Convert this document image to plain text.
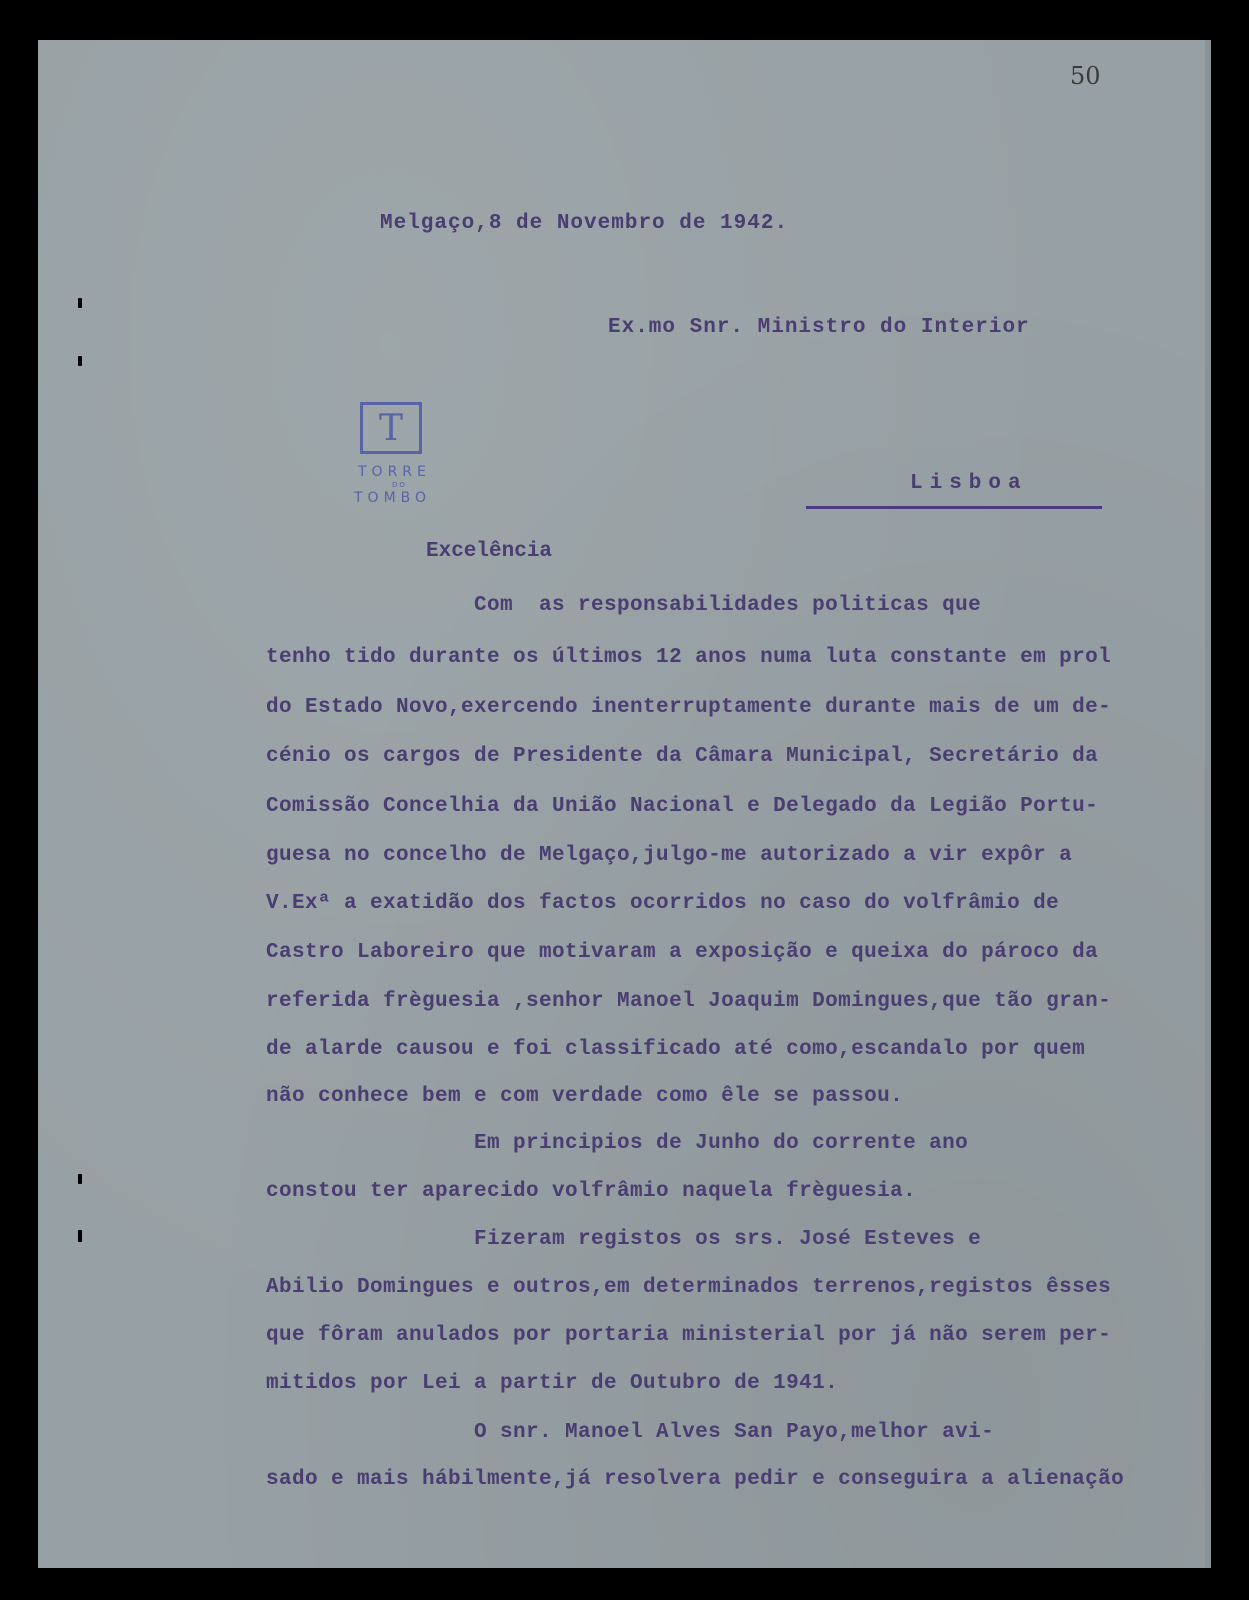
50
Melgaço,8 de Novembro de 1942.
Ex.mo Snr. Ministro do Interior
T
TORRE
DO
TOMBO
Lisboa
Excelência
Com  as responsabilidades politicas que
tenho tido durante os últimos 12 anos numa luta constante em prol
do Estado Novo,exercendo inenterruptamente durante mais de um de-
cénio os cargos de Presidente da Câmara Municipal, Secretário da
Comissão Concelhia da União Nacional e Delegado da Legião Portu-
guesa no concelho de Melgaço,julgo-me autorizado a vir expôr a
V.Exª a exatidão dos factos ocorridos no caso do volfrâmio de
Castro Laboreiro que motivaram a exposição e queixa do pároco da
referida frèguesia ,senhor Manoel Joaquim Domingues,que tão gran-
de alarde causou e foi classificado até como,escandalo por quem
não conhece bem e com verdade como êle se passou.
Em principios de Junho do corrente ano
constou ter aparecido volfrâmio naquela frèguesia.
Fizeram registos os srs. José Esteves e
Abilio Domingues e outros,em determinados terrenos,registos êsses
que fôram anulados por portaria ministerial por já não serem per-
mitidos por Lei a partir de Outubro de 1941.
O snr. Manoel Alves San Payo,melhor avi-
sado e mais hábilmente,já resolvera pedir e conseguira a alienação
